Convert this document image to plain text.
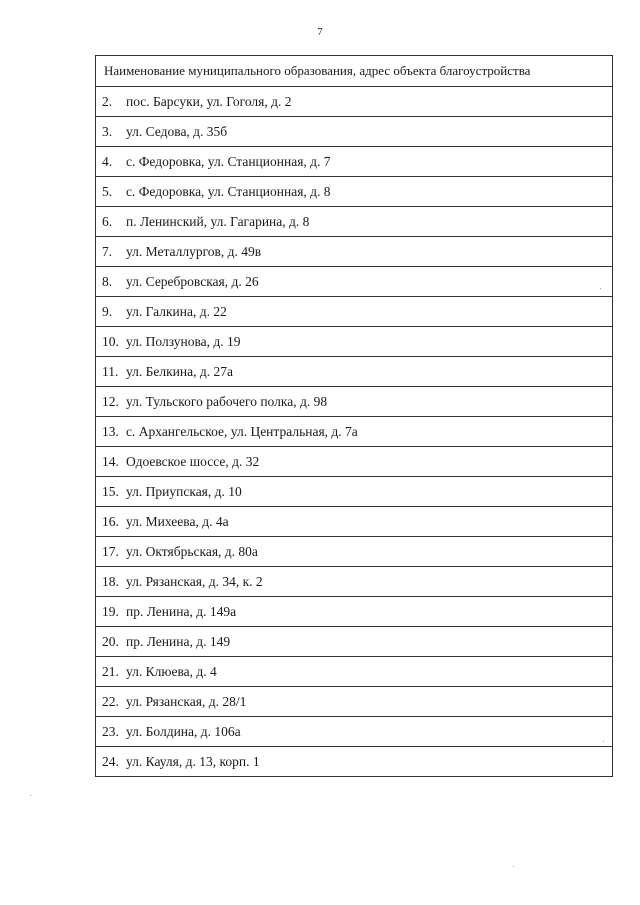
7
Наименование муниципального образования, адрес объекта благоустройства
2. пос. Барсуки, ул. Гоголя, д. 2
3. ул. Седова, д. 35б
4. с. Федоровка, ул. Станционная, д. 7
5. с. Федоровка, ул. Станционная, д. 8
6. п. Ленинский, ул. Гагарина, д. 8
7. ул. Металлургов, д. 49в
8. ул. Серебровская, д. 26
9. ул. Галкина, д. 22
10. ул. Ползунова, д. 19
11. ул. Белкина, д. 27а
12. ул. Тульского рабочего полка, д. 98
13. с. Архангельское, ул. Центральная, д. 7а
14. Одоевское шоссе, д. 32
15. ул. Приупская, д. 10
16. ул. Михеева, д. 4а
17. ул. Октябрьская, д. 80а
18. ул. Рязанская, д. 34, к. 2
19. пр. Ленина, д. 149а
20. пр. Ленина, д. 149
21. ул. Клюева, д. 4
22. ул. Рязанская, д. 28/1
23. ул. Болдина, д. 106а
24. ул. Кауля, д. 13, корп. 1
